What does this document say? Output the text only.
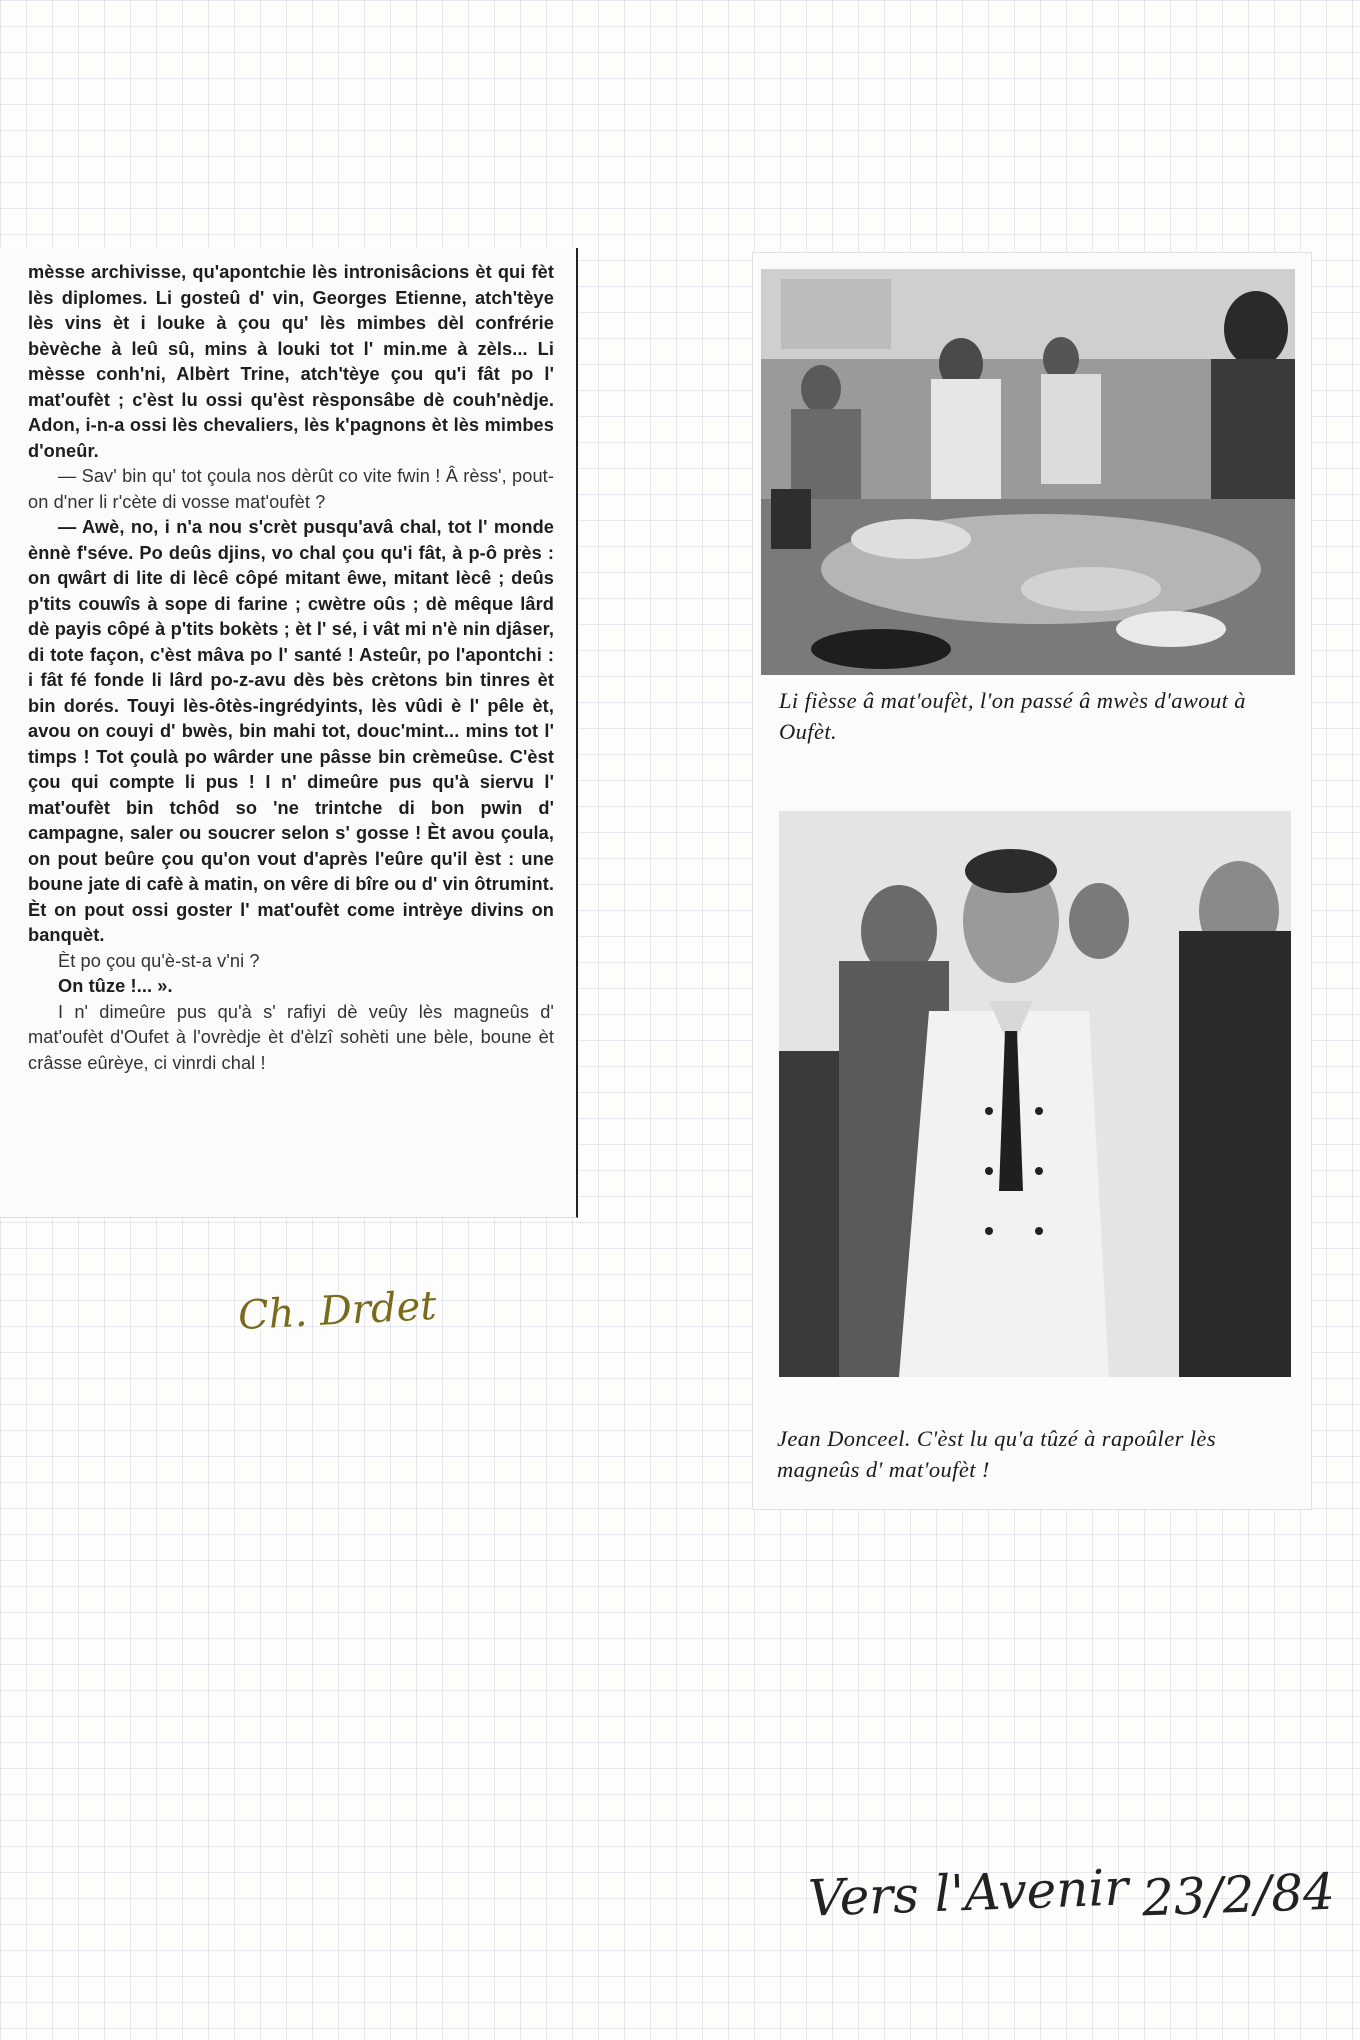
mèsse archivisse, qu'apontchie lès intronisâcions èt qui fèt lès diplomes. Li gosteû d' vin, Georges Etienne, atch'tèye lès vins èt i louke à çou qu' lès mimbes dèl confrérie bèvèche à leû sû, mins à louki tot l' min.me à zèls... Li mèsse conh'ni, Albèrt Trine, atch'tèye çou qu'i fât po l' mat'oufèt ; c'èst lu ossi qu'èst rèsponsâbe dè couh'nèdje. Adon, i-n-a ossi lès chevaliers, lès k'pagnons èt lès mimbes d'oneûr.

— Sav' bin qu' tot çoula nos dèrût co vite fwin ! Â rèss', pout-on d'ner li r'cète di vosse mat'oufèt ?

— Awè, no, i n'a nou s'crèt pusqu'avâ chal, tot l' monde ènnè f'séve. Po deûs djins, vo chal çou qu'i fât, à p-ô près : on qwârt di lite di lècê côpé mitant êwe, mitant lècê ; deûs p'tits couwîs à sope di farine ; cwètre oûs ; dè mêque lârd dè payis côpé à p'tits bokèts ; èt l' sé, i vât mi n'è nin djâser, di tote façon, c'èst mâva po l' santé ! Asteûr, po l'apontchi : i fât fé fonde li lârd po-z-avu dès bès crètons bin tinres èt bin dorés. Touyi lès-ôtès-ingrédyints, lès vûdi è l' pêle èt, avou on couyi d' bwès, bin mahi tot, douc'mint... mins tot l' timps ! Tot çoulà po wârder une pâsse bin crèmeûse. C'èst çou qui compte li pus ! I n' dimeûre pus qu'à siervu l' mat'oufèt bin tchôd so 'ne trintche di bon pwin d' campagne, saler ou soucrer selon s' gosse ! Èt avou çoula, on pout beûre çou qu'on vout d'après l'eûre qu'il èst : une boune jate di cafè à matin, on vêre di bîre ou d' vin ôtrumint. Èt on pout ossi goster l' mat'oufèt come intrèye divins on banquèt.

Èt po çou qu'è-st-a v'ni ?

On tûze !... ».

I n' dimeûre pus qu'à s' rafiyi dè veûy lès magneûs d' mat'oufèt d'Oufet à l'ovrèdje èt d'èlzî sohèti une bèle, boune èt crâsse eûrèye, ci vinrdi chal !

Li fièsse â mat'oufèt, l'on passé â mwès d'awout à Oufèt.
Jean Donceel. C'èst lu qu'a tûzé à rapoûler lès magneûs d' mat'oufèt !
Ch. Drdet
Vers l'Avenir 23/2/84
